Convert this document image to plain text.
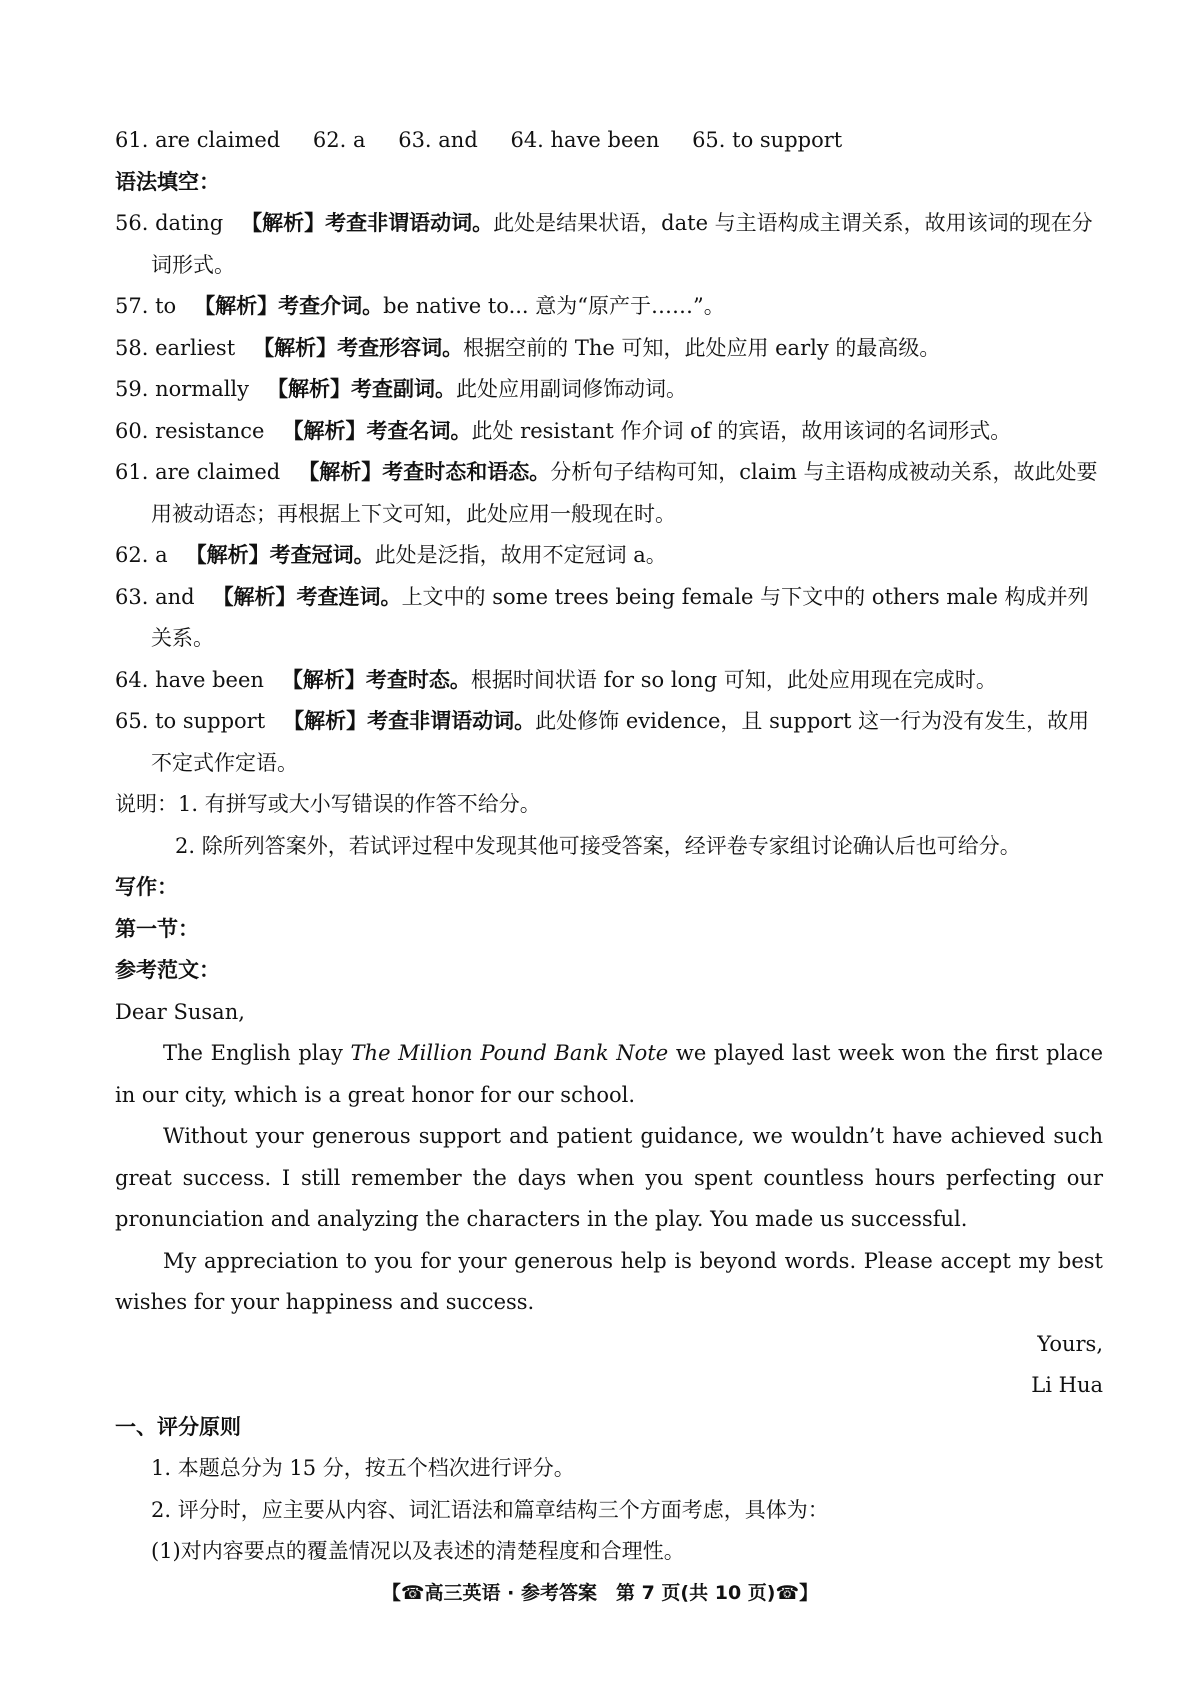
61. are claimed 62. a 63. and 64. have been 65. to support
语法填空：
56. dating 【解析】考查非谓语动词。此处是结果状语，date 与主语构成主谓关系，故用该词的现在分词形式。
57. to 【解析】考查介词。be native to... 意为“原产于……”。
58. earliest 【解析】考查形容词。根据空前的 The 可知，此处应用 early 的最高级。
59. normally 【解析】考查副词。此处应用副词修饰动词。
60. resistance 【解析】考查名词。此处 resistant 作介词 of 的宾语，故用该词的名词形式。
61. are claimed 【解析】考查时态和语态。分析句子结构可知，claim 与主语构成被动关系，故此处要用被动语态；再根据上下文可知，此处应用一般现在时。
62. a 【解析】考查冠词。此处是泛指，故用不定冠词 a。
63. and 【解析】考查连词。上文中的 some trees being female 与下文中的 others male 构成并列关系。
64. have been 【解析】考查时态。根据时间状语 for so long 可知，此处应用现在完成时。
65. to support 【解析】考查非谓语动词。此处修饰 evidence，且 support 这一行为没有发生，故用不定式作定语。
说明：1. 有拼写或大小写错误的作答不给分。
2. 除所列答案外，若试评过程中发现其他可接受答案，经评卷专家组讨论确认后也可给分。
写作：
第一节：
参考范文：
Dear Susan,
The English play The Million Pound Bank Note we played last week won the first place in our city, which is a great honor for our school.
Without your generous support and patient guidance, we wouldn’t have achieved such great success. I still remember the days when you spent countless hours perfecting our pronunciation and analyzing the characters in the play. You made us successful.
My appreciation to you for your generous help is beyond words. Please accept my best wishes for your happiness and success.
Yours,
Li Hua
一、评分原则
1. 本题总分为 15 分，按五个档次进行评分。
2. 评分时，应主要从内容、词汇语法和篇章结构三个方面考虑，具体为：
(1)对内容要点的覆盖情况以及表述的清楚程度和合理性。
【☎高三英语 · 参考答案　第 7 页(共 10 页)☎】
